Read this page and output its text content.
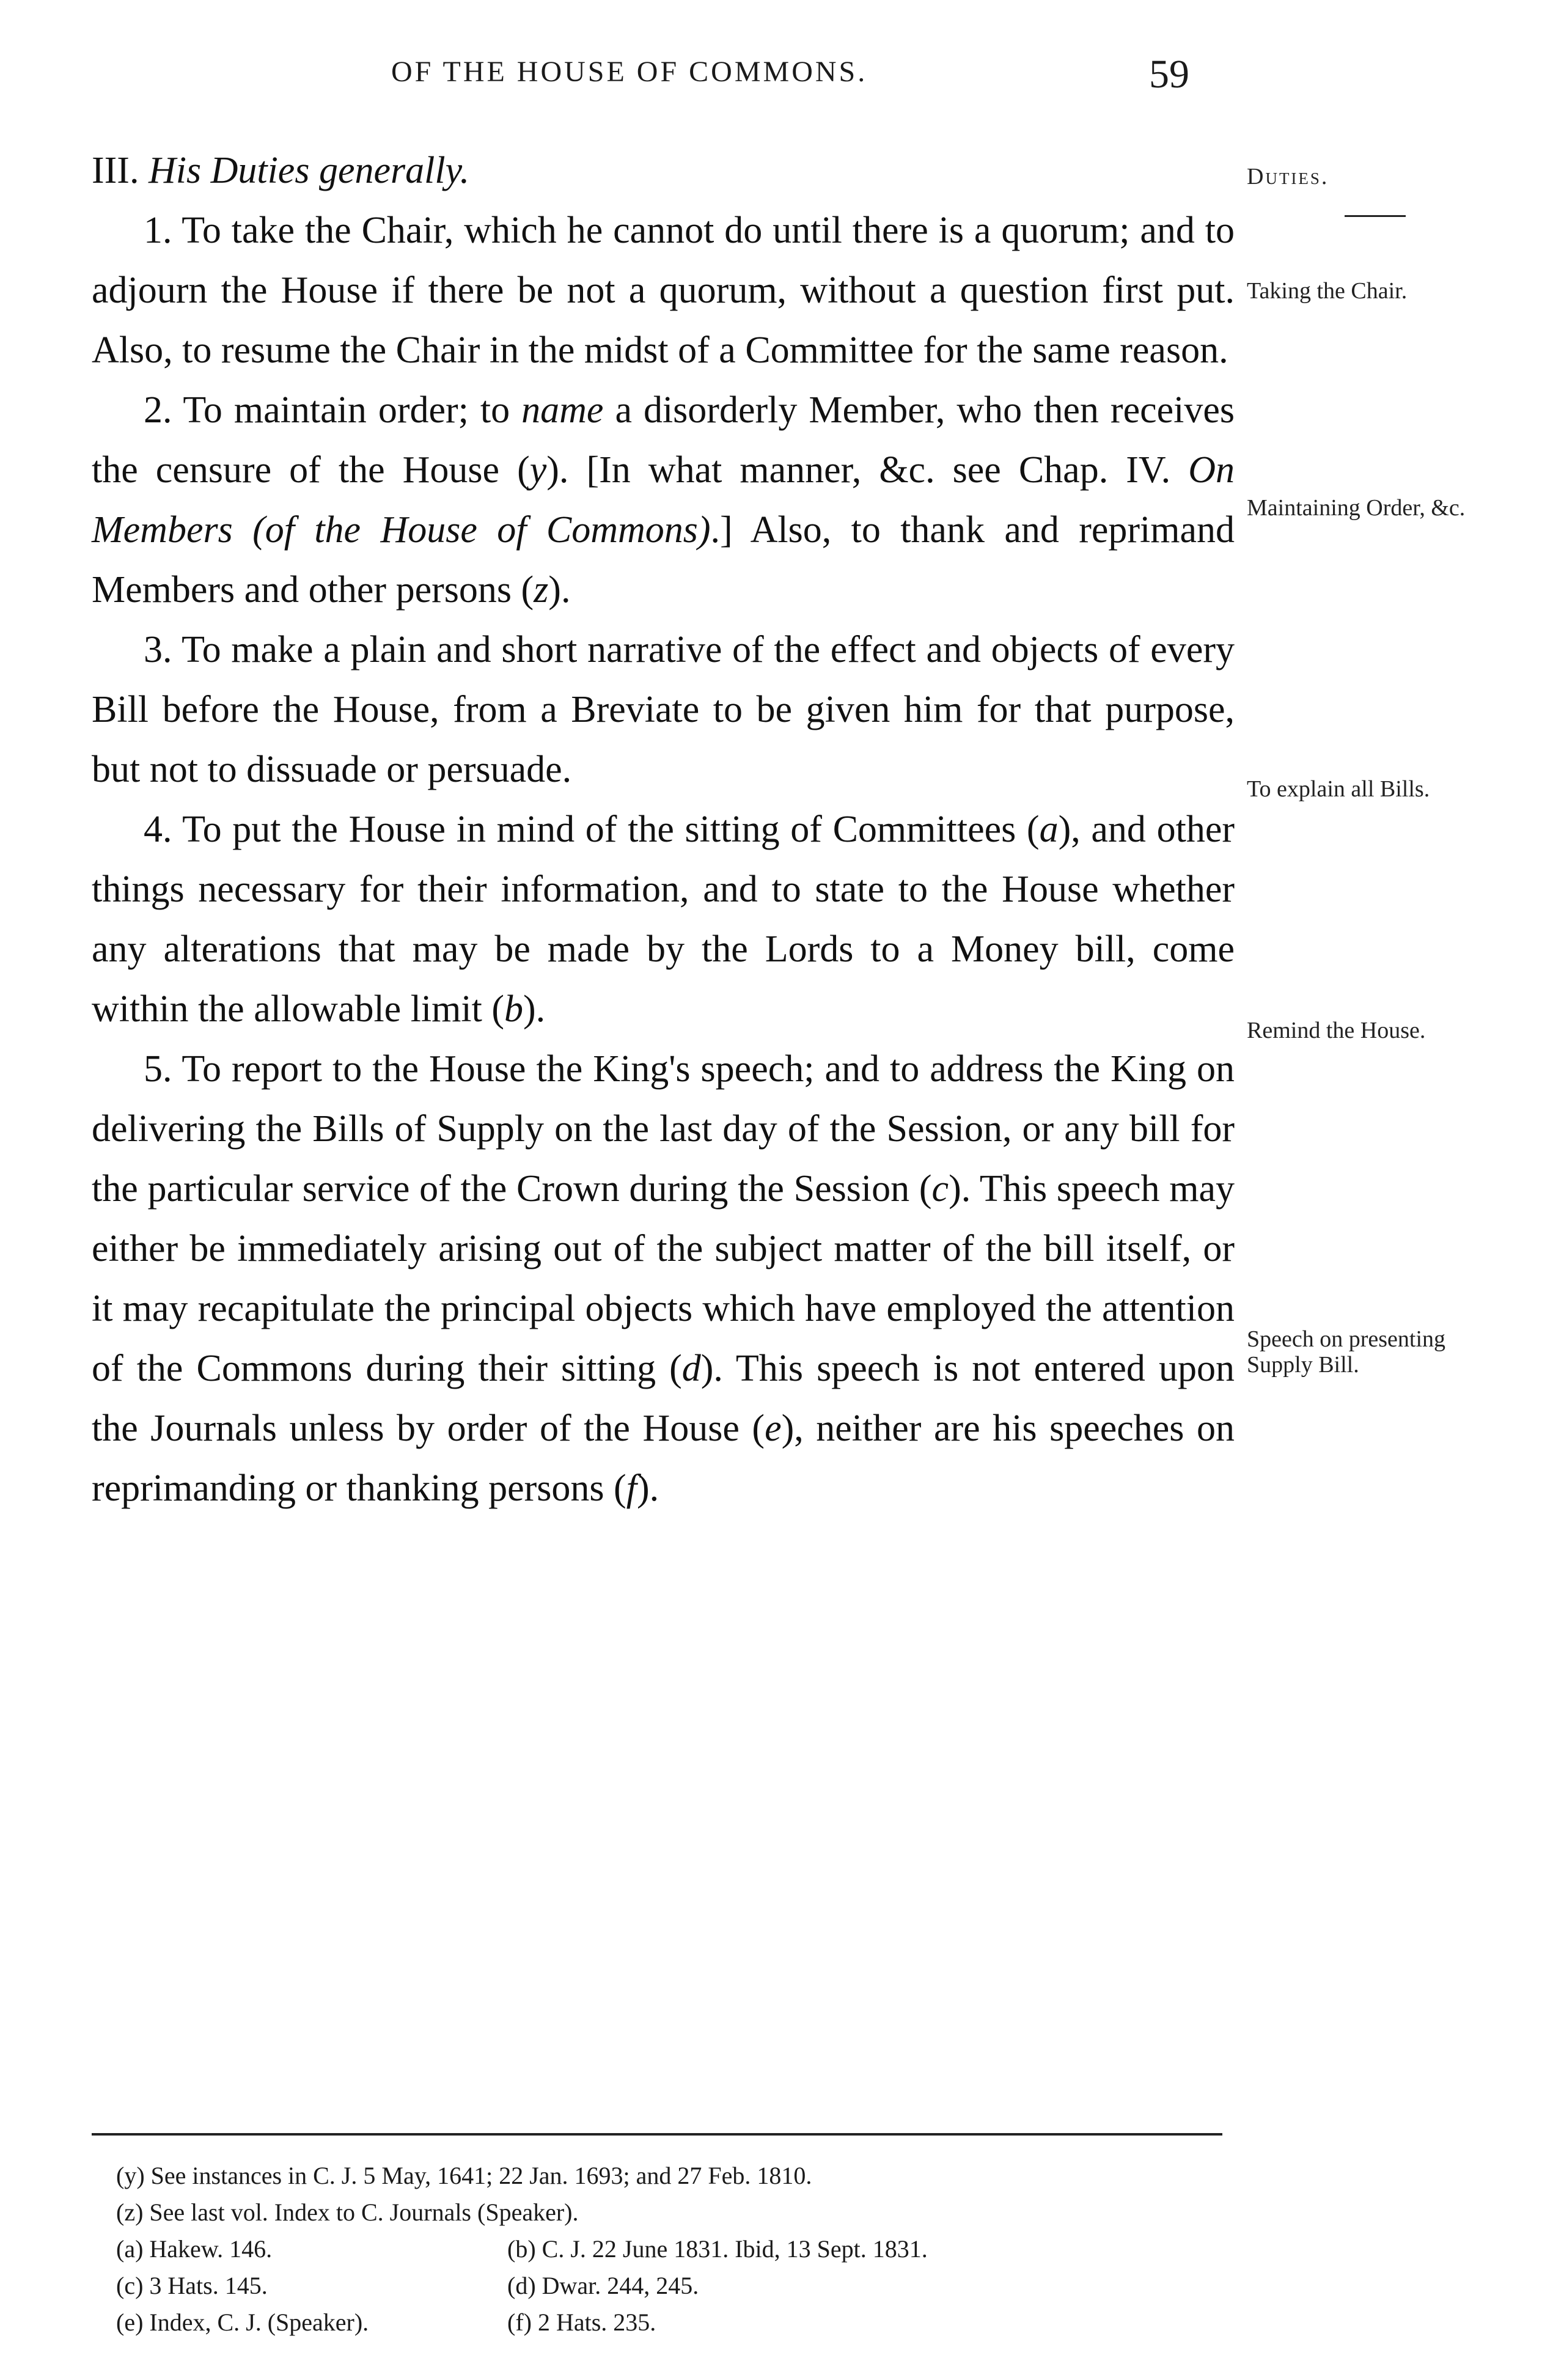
OF THE HOUSE OF COMMONS.	59

III. His Duties generally.

1. To take the Chair, which he cannot do until there is a quorum; and to adjourn the House if there be not a quorum, without a question first put. Also, to resume the Chair in the midst of a Committee for the same reason.

2. To maintain order; to name a disorderly Member, who then receives the censure of the House (y). [In what manner, &c. see Chap. IV. On Members (of the House of Commons).] Also, to thank and reprimand Members and other persons (z).

3. To make a plain and short narrative of the effect and objects of every Bill before the House, from a Breviate to be given him for that purpose, but not to dissuade or persuade.

4. To put the House in mind of the sitting of Committees (a), and other things necessary for their information, and to state to the House whether any alterations that may be made by the Lords to a Money bill, come within the allowable limit (b).

5. To report to the House the King's speech; and to address the King on delivering the Bills of Supply on the last day of the Session, or any bill for the particular service of the Crown during the Session (c). This speech may either be immediately arising out of the subject matter of the bill itself, or it may recapitulate the principal objects which have employed the attention of the Commons during their sitting (d). This speech is not entered upon the Journals unless by order of the House (e), neither are his speeches on reprimanding or thanking persons (f).

Duties.
Taking the Chair.
Maintaining Order, &c.
To explain all Bills.
Remind the House.
Speech on presenting Supply Bill.
(y) See instances in C. J. 5 May, 1641; 22 Jan. 1693; and 27 Feb. 1810.
(z) See last vol. Index to C. Journals (Speaker).
(a) Hakew. 146.	(b) C. J. 22 June 1831. Ibid, 13 Sept. 1831.
(c) 3 Hats. 145.	(d) Dwar. 244, 245.
(e) Index, C. J. (Speaker).	(f) 2 Hats. 235.
